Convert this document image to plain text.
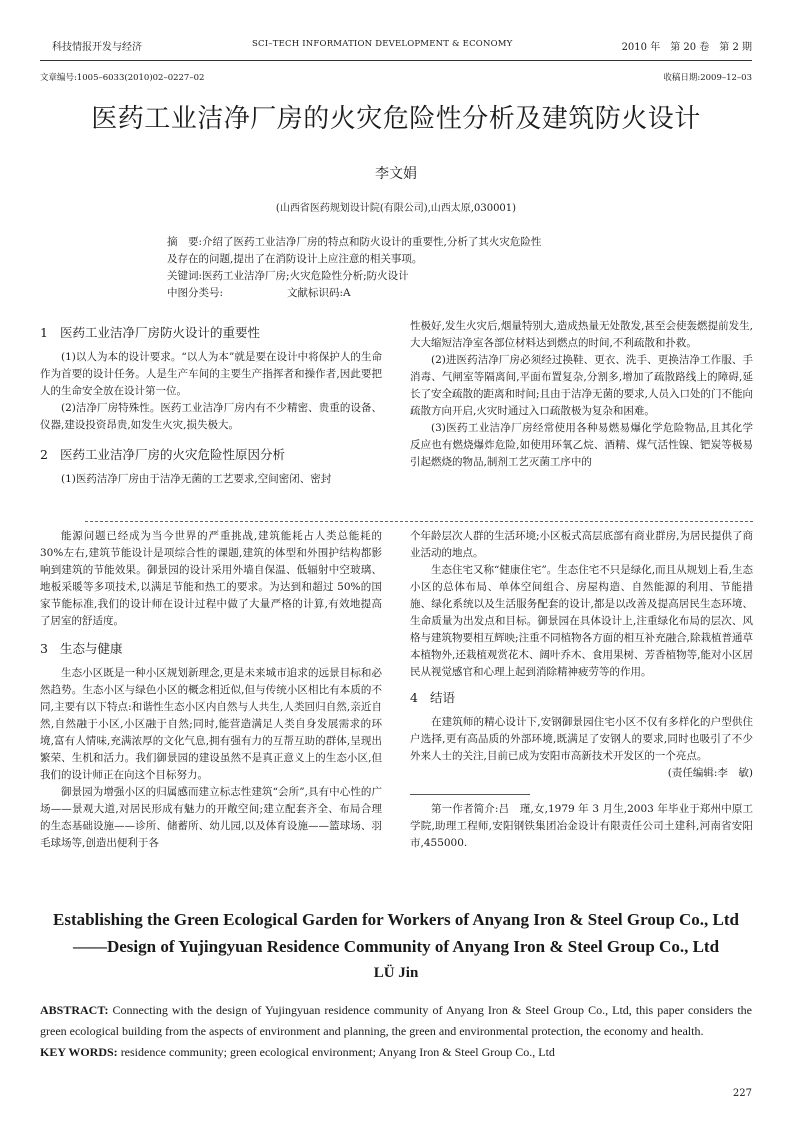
科技情报开发与经济	SCI–TECH INFORMATION DEVELOPMENT & ECONOMY	2010 年　第 20 卷　第 2 期
文章编号:1005–6033(2010)02–0227–02	收稿日期:2009–12–03
医药工业洁净厂房的火灾危险性分析及建筑防火设计
李文娟
(山西省医药规划设计院(有限公司),山西太原,030001)
摘　要:介绍了医药工业洁净厂房的特点和防火设计的重要性,分析了其火灾危险性
及存在的问题,提出了在消防设计上应注意的相关事项。
关键词:医药工业洁净厂房;火灾危险性分析;防火设计
中图分类号:	文献标识码:A
1 医药工业洁净厂房防火设计的重要性

(1)以人为本的设计要求。“以人为本”就是要在设计中将保护人的生命作为首要的设计任务。人是生产车间的主要生产指挥者和操作者,因此要把人的生命安全放在设计第一位。

(2)洁净厂房特殊性。医药工业洁净厂房内有不少精密、贵重的设备、仪器,建设投资昂贵,如发生火灾,损失极大。

2 医药工业洁净厂房的火灾危险性原因分析

(1)医药洁净厂房由于洁净无菌的工艺要求,空间密闭、密封

性极好,发生火灾后,烟量特别大,造成热量无处散发,甚至会使轰燃提前发生,大大缩短洁净室各部位材料达到燃点的时间,不利疏散和扑救。

(2)进医药洁净厂房必须经过换鞋、更衣、洗手、更换洁净工作服、手消毒、气闸室等隔离间,平面布置复杂,分割多,增加了疏散路线上的障碍,延长了安全疏散的距离和时间;且由于洁净无菌的要求,人员入口处的门不能向疏散方向开启,火灾时通过入口疏散极为复杂和困难。

(3)医药工业洁净厂房经常使用各种易燃易爆化学危险物品,且其化学反应也有燃烧爆炸危险,如使用环氧乙烷、酒精、煤气活性镍、钯炭等极易引起燃烧的物品,制剂工艺灭菌工序中的

能源问题已经成为当今世界的严重挑战,建筑能耗占人类总能耗的 30%左右,建筑节能设计是项综合性的课题,建筑的体型和外围护结构都影响到建筑的节能效果。御景园的设计采用外墙自保温、低辐射中空玻璃、地板采暖等多项技术,以满足节能和热工的要求。为达到和超过 50%的国家节能标准,我们的设计师在设计过程中做了大量严格的计算,有效地提高了居室的舒适度。

3 生态与健康

生态小区既是一种小区规划新理念,更是未来城市追求的远景目标和必然趋势。生态小区与绿色小区的概念相近似,但与传统小区相比有本质的不同,主要有以下特点:和谐性生态小区内自然与人共生,人类回归自然,亲近自然,自然融于小区,小区融于自然;同时,能营造满足人类自身发展需求的环境,富有人情味,充满浓厚的文化气息,拥有强有力的互帮互助的群体,呈现出繁荣、生机和活力。我们御景园的建设虽然不是真正意义上的生态小区,但我们的设计师正在向这个目标努力。

御景园为增强小区的归属感而建立标志性建筑“会所”,具有中心性的广场——景观大道,对居民形成有魅力的开敞空间;建立配套齐全、布局合理的生态基础设施——诊所、储蓄所、幼儿园,以及体育设施——篮球场、羽毛球场等,创造出便利于各

个年龄层次人群的生活环境;小区板式高层底部有商业群房,为居民提供了商业活动的地点。

生态住宅又称“健康住宅”。生态住宅不只是绿化,而且从规划上看,生态小区的总体布局、单体空间组合、房屋构造、自然能源的利用、节能措施、绿化系统以及生活服务配套的设计,都是以改善及提高居民生态环境、生命质量为出发点和目标。御景园在具体设计上,注重绿化布局的层次、风格与建筑物要相互辉映;注重不同植物各方面的相互补充融合,除栽植普通草本植物外,还栽植观赏花木、阔叶乔木、食用果树、芳香植物等,能对小区居民从视觉感官和心理上起到消除精神疲劳等的作用。

4 结语

在建筑师的精心设计下,安钢御景园住宅小区不仅有多样化的户型供住户选择,更有高品质的外部环境,既满足了安钢人的要求,同时也吸引了不少外来人士的关注,目前已成为安阳市高新技术开发区的一个亮点。

(责任编辑:李　敏)

第一作者简介:吕　瑾,女,1979 年 3 月生,2003 年毕业于郑州中原工学院,助理工程师,安阳钢铁集团冶金设计有限责任公司土建科,河南省安阳市,455000.

Establishing the Green Ecological Garden for Workers of Anyang Iron & Steel Group Co., Ltd
——Design of Yujingyuan Residence Community of Anyang Iron & Steel Group Co., Ltd
LÜ Jin
ABSTRACT: Connecting with the design of Yujingyuan residence community of Anyang Iron & Steel Group Co., Ltd, this paper considers the green ecological building from the aspects of environment and planning, the green and environmental protection, the economy and health.
KEY WORDS: residence community; green ecological environment; Anyang Iron & Steel Group Co., Ltd
227
